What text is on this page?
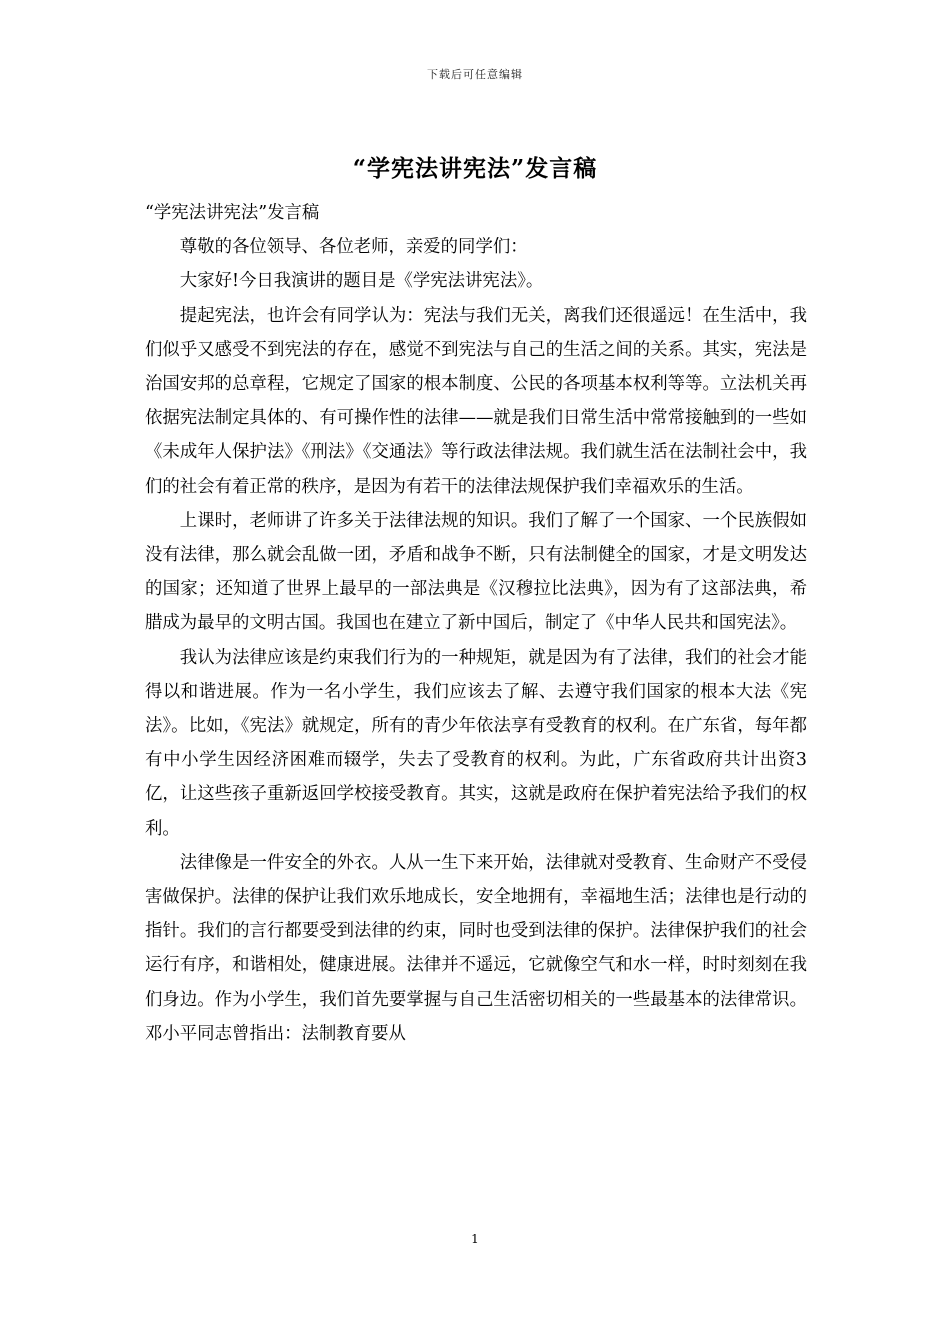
下载后可任意编辑
“学宪法讲宪法”发言稿

“学宪法讲宪法”发言稿

尊敬的各位领导、各位老师，亲爱的同学们：

大家好!今日我演讲的题目是《学宪法讲宪法》。

提起宪法，也许会有同学认为：宪法与我们无关，离我们还很遥远！在生活中，我们似乎又感受不到宪法的存在，感觉不到宪法与自己的生活之间的关系。其实，宪法是治国安邦的总章程，它规定了国家的根本制度、公民的各项基本权利等等。立法机关再依据宪法制定具体的、有可操作性的法律——就是我们日常生活中常常接触到的一些如《未成年人保护法》《刑法》《交通法》等行政法律法规。我们就生活在法制社会中，我们的社会有着正常的秩序，是因为有若干的法律法规保护我们幸福欢乐的生活。

上课时，老师讲了许多关于法律法规的知识。我们了解了一个国家、一个民族假如没有法律，那么就会乱做一团，矛盾和战争不断，只有法制健全的国家，才是文明发达的国家；还知道了世界上最早的一部法典是《汉穆拉比法典》，因为有了这部法典，希腊成为最早的文明古国。我国也在建立了新中国后，制定了《中华人民共和国宪法》。

我认为法律应该是约束我们行为的一种规矩，就是因为有了法律，我们的社会才能得以和谐进展。作为一名小学生，我们应该去了解、去遵守我们国家的根本大法《宪法》。比如，《宪法》就规定，所有的青少年依法享有受教育的权利。在广东省，每年都有中小学生因经济困难而辍学，失去了受教育的权利。为此，广东省政府共计出资3亿，让这些孩子重新返回学校接受教育。其实，这就是政府在保护着宪法给予我们的权利。

法律像是一件安全的外衣。人从一生下来开始，法律就对受教育、生命财产不受侵害做保护。法律的保护让我们欢乐地成长，安全地拥有，幸福地生活；法律也是行动的指针。我们的言行都要受到法律的约束，同时也受到法律的保护。法律保护我们的社会运行有序，和谐相处，健康进展。法律并不遥远，它就像空气和水一样，时时刻刻在我们身边。作为小学生，我们首先要掌握与自己生活密切相关的一些最基本的法律常识。邓小平同志曾指出：法制教育要从

1
